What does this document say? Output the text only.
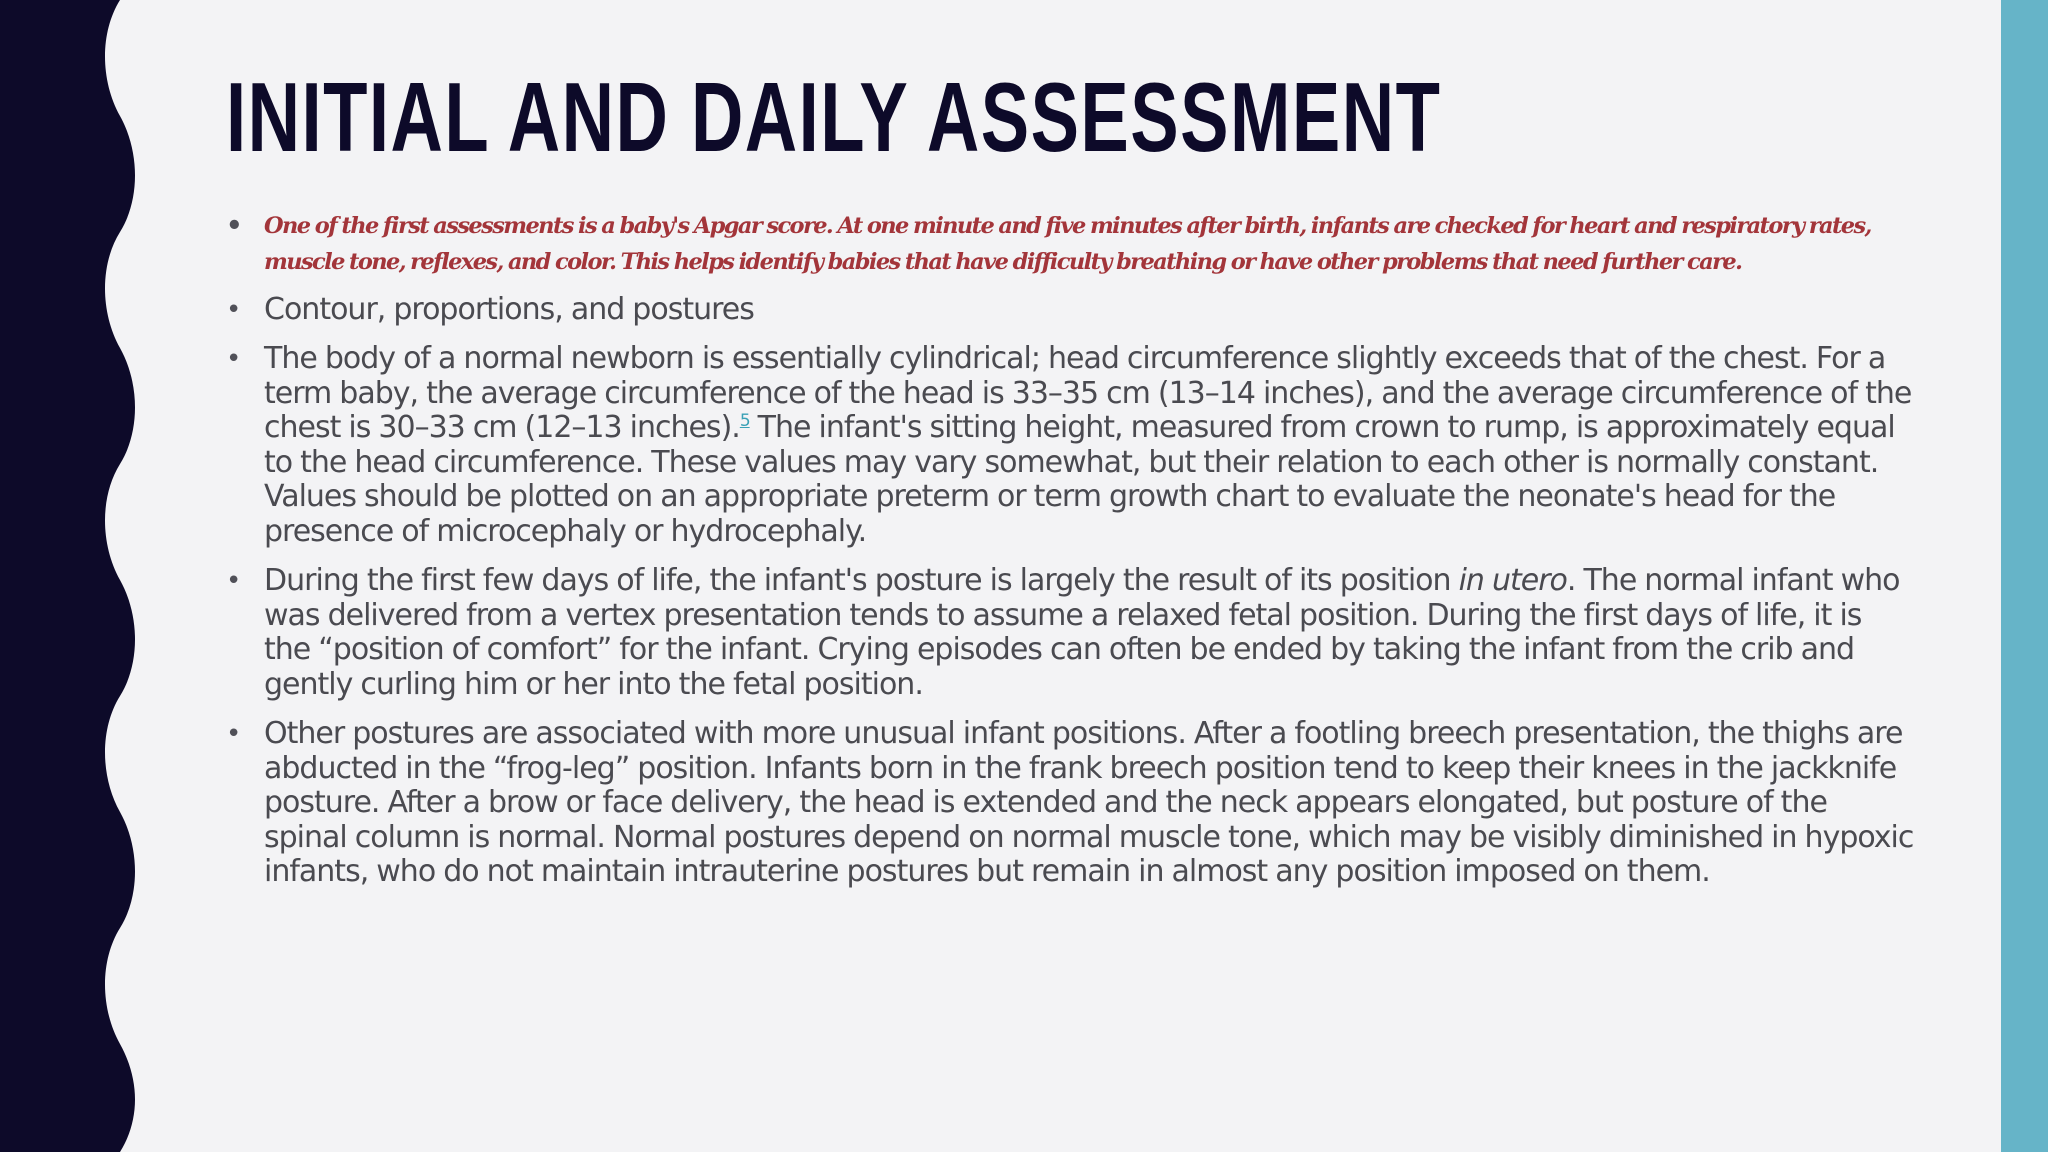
INITIAL AND DAILY ASSESSMENT
• One of the first assessments is a baby's Apgar score. At one minute and five minutes after birth, infants are checked for heart and respiratory rates, muscle tone, reflexes, and color. This helps identify babies that have difficulty breathing or have other problems that need further care.
• Contour, proportions, and postures
• The body of a normal newborn is essentially cylindrical; head circumference slightly exceeds that of the chest. For a term baby, the average circumference of the head is 33–35 cm (13–14 inches), and the average circumference of the chest is 30–33 cm (12–13 inches).$^5$ The infant's sitting height, measured from crown to rump, is approximately equal to the head circumference. These values may vary somewhat, but their relation to each other is normally constant. Values should be plotted on an appropriate preterm or term growth chart to evaluate the neonate's head for the presence of microcephaly or hydrocephaly.
• During the first few days of life, the infant's posture is largely the result of its position in utero. The normal infant who was delivered from a vertex presentation tends to assume a relaxed fetal position. During the first days of life, it is the “position of comfort” for the infant. Crying episodes can often be ended by taking the infant from the crib and gently curling him or her into the fetal position.
• Other postures are associated with more unusual infant positions. After a footling breech presentation, the thighs are abducted in the “frog-leg” position. Infants born in the frank breech position tend to keep their knees in the jackknife posture. After a brow or face delivery, the head is extended and the neck appears elongated, but posture of the spinal column is normal. Normal postures depend on normal muscle tone, which may be visibly diminished in hypoxic infants, who do not maintain intrauterine postures but remain in almost any position imposed on them.
